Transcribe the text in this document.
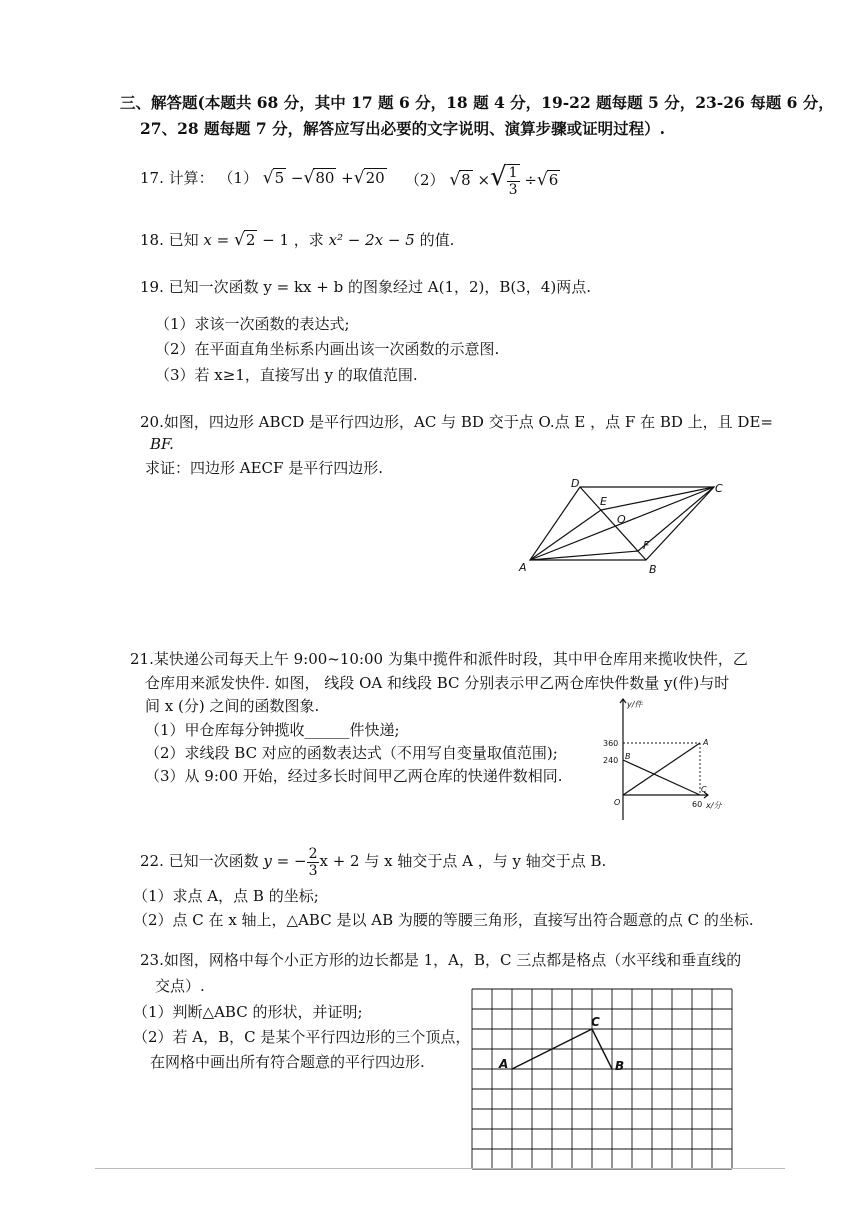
三、解答题(本题共 68 分，其中 17 题 6 分，18 题 4 分，19-22 题每题 5 分，23-26 每题 6 分，
27、28 题每题 7 分，解答应写出必要的文字说明、演算步骤或证明过程）.
17. 计算： （1） √5 −√80 +√20 （2） √8 ×√ $\frac{1}{3} \div√6$
18. 已知 x = √2 − 1 ，求 x² − 2x − 5 的值.
19. 已知一次函数 y = kx + b 的图象经过 A(1，2)，B(3，4)两点.
（1）求该一次函数的表达式;
（2）在平面直角坐标系内画出该一次函数的示意图.
（3）若 x≥1，直接写出 y 的取值范围.
20.如图，四边形 ABCD 是平行四边形，AC 与 BD 交于点 O.点 E ，点 F 在 BD 上，且 DE=
BF.
求证：四边形 AECF 是平行四边形.
A	B
C
D
E
F
O
21.某快递公司每天上午 9:00~10:00 为集中揽件和派件时段，其中甲仓库用来揽收快件，乙
仓库用来派发快件. 如图， 线段 OA 和线段 BC 分别表示甲乙两仓库快件数量 y(件)与时
间 x (分) 之间的函数图象.
（1）甲仓库每分钟揽收______件快递;
（2）求线段 BC 对应的函数表达式（不用写自变量取值范围);
（3）从 9:00 开始，经过多长时间甲乙两仓库的快递件数相同.
y/件
x/分
360
240
60
O
A
B
C
22. 已知一次函数 y = − $\frac{2}{3}$ x + 2 与 x 轴交于点 A ，与 y 轴交于点 B.
（1）求点 A，点 B 的坐标;
（2）点 C 在 x 轴上，△ABC 是以 AB 为腰的等腰三角形，直接写出符合题意的点 C 的坐标.
23.如图，网格中每个小正方形的边长都是 1，A，B，C 三点都是格点（水平线和垂直线的
交点）.
（1）判断△ABC 的形状，并证明;
（2）若 A，B，C 是某个平行四边形的三个顶点，
在网格中画出所有符合题意的平行四边形.	A	B
C
